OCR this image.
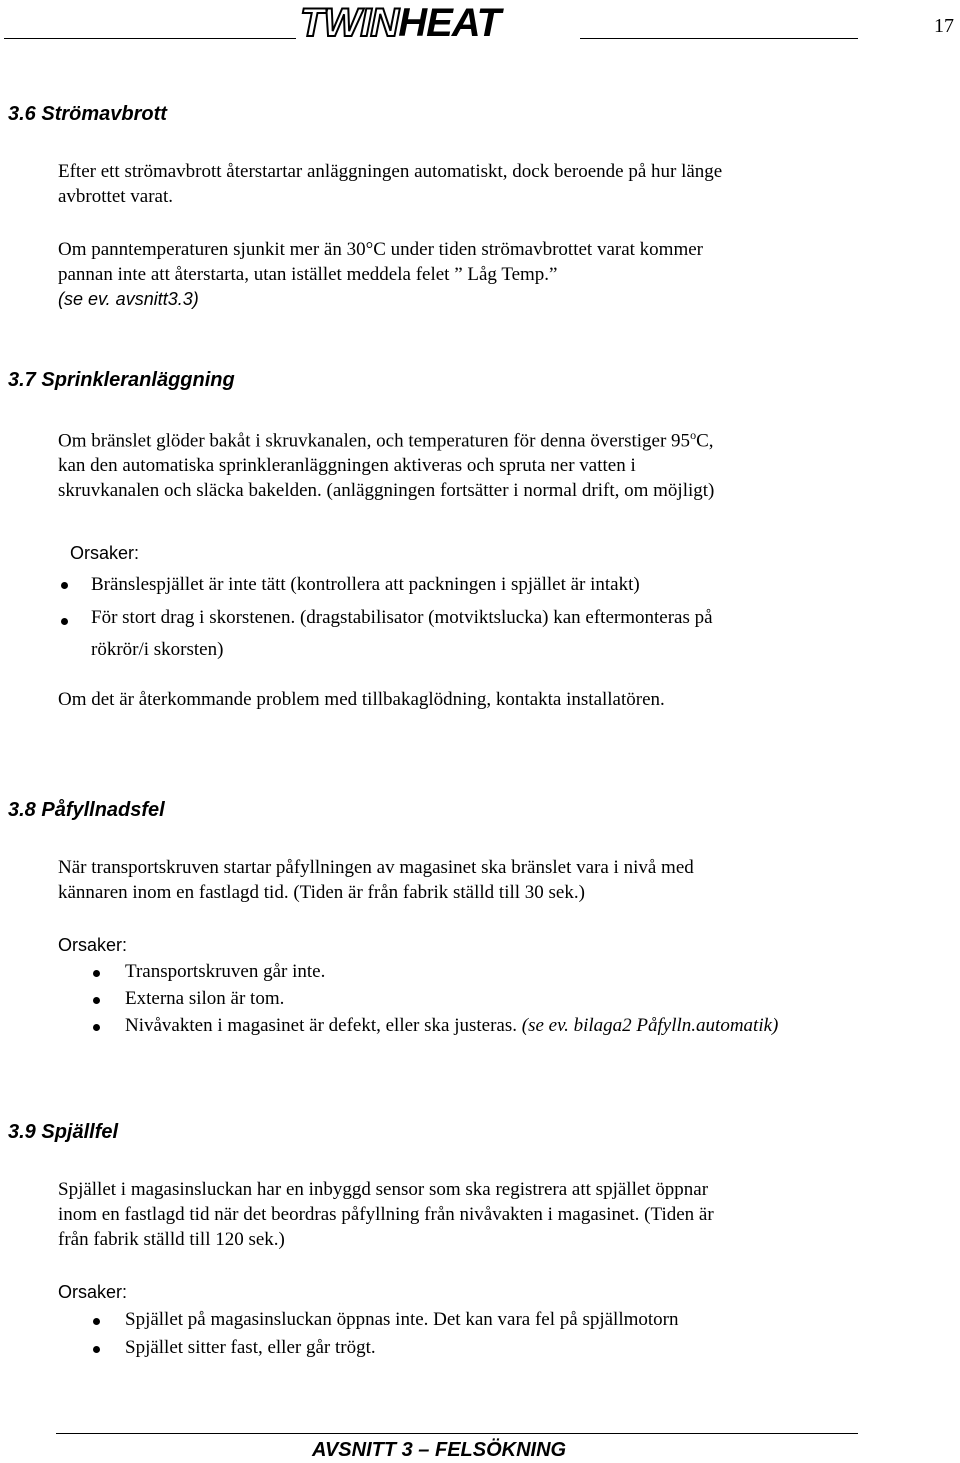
TWINHEAT	17
3.6 Strömavbrott
Efter ett strömavbrott återstartar anläggningen automatiskt, dock beroende på hur länge
avbrottet varat.
Om panntemperaturen sjunkit mer än 30°C under tiden strömavbrottet varat kommer
pannan inte att återstarta, utan istället meddela felet ” Låg Temp.”
(se ev. avsnitt3.3)
3.7 Sprinkleranläggning
Om bränslet glöder bakåt i skruvkanalen, och temperaturen för denna överstiger 95$^o$C,
kan den automatiska sprinkleranläggningen aktiveras och spruta ner vatten i
skruvkanalen och släcka bakelden. (anläggningen fortsätter i normal drift, om möjligt)
Orsaker:
Bränslespjället är inte tätt (kontrollera att packningen i spjället är intakt)
För stort drag i skorstenen. (dragstabilisator (motviktslucka) kan eftermonteras på
rökrör/i skorsten)
Om det är återkommande problem med tillbakaglödning, kontakta installatören.
3.8 Påfyllnadsfel
När transportskruven startar påfyllningen av magasinet ska bränslet vara i nivå med
kännaren inom en fastlagd tid. (Tiden är från fabrik ställd till 30 sek.)
Orsaker:
Transportskruven går inte.
Externa silon är tom.
Nivåvakten i magasinet är defekt, eller ska justeras. (se ev. bilaga2 Påfylln.automatik)
3.9 Spjällfel
Spjället i magasinsluckan har en inbyggd sensor som ska registrera att spjället öppnar
inom en fastlagd tid när det beordras påfyllning från nivåvakten i magasinet. (Tiden är
från fabrik ställd till 120 sek.)
Orsaker:
Spjället på magasinsluckan öppnas inte. Det kan vara fel på spjällmotorn
Spjället sitter fast, eller går trögt.
AVSNITT 3 – FELSÖKNING
